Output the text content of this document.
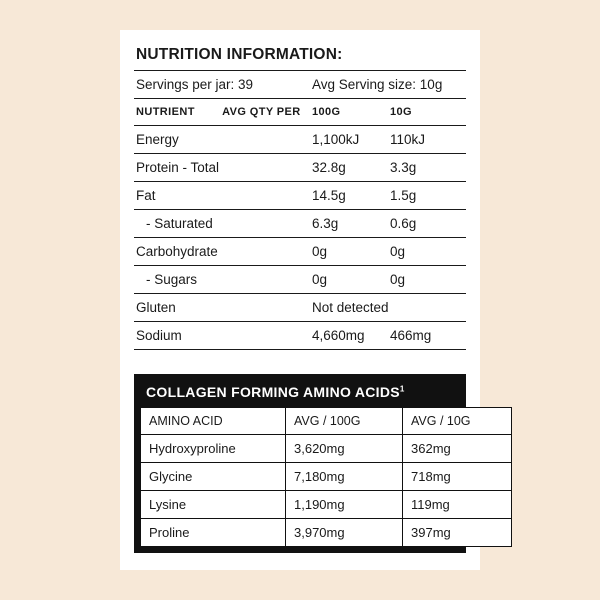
NUTRITION INFORMATION:
Servings per jar: 39	Avg Serving size: 10g	
NUTRIENT AVG QTY PER	100G	10G
Energy	1,100kJ	110kJ
Protein - Total	32.8g	3.3g
Fat	14.5g	1.5g
- Saturated	6.3g	0.6g
Carbohydrate	0g	0g
- Sugars	0g	0g
Gluten	Not detected	
Sodium	4,660mg	466mg
COLLAGEN FORMING AMINO ACIDS$^1$
AMINO ACID	AVG / 100G	AVG / 10G
Hydroxyproline	3,620mg	362mg
Glycine	7,180mg	718mg
Lysine	1,190mg	119mg
Proline	3,970mg	397mg
